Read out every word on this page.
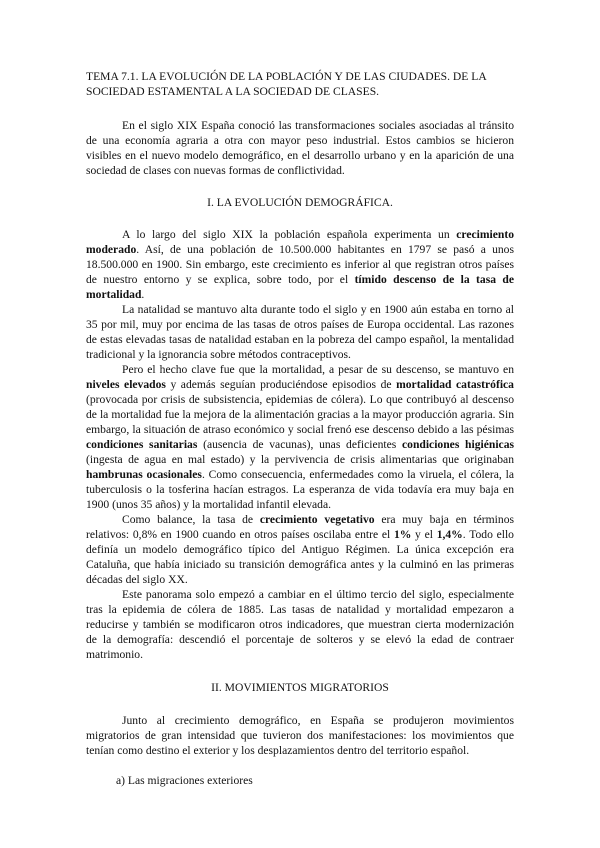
TEMA 7.1. LA EVOLUCIÓN DE LA POBLACIÓN Y DE LAS CIUDADES. DE LA
SOCIEDAD ESTAMENTAL A LA SOCIEDAD DE CLASES.

En el siglo XIX España conoció las transformaciones sociales asociadas al tránsito de una economía agraria a otra con mayor peso industrial. Estos cambios se hicieron visibles en el nuevo modelo demográfico, en el desarrollo urbano y en la aparición de una sociedad de clases con nuevas formas de conflictividad.

I. LA EVOLUCIÓN DEMOGRÁFICA.

A lo largo del siglo XIX la población española experimenta un crecimiento moderado. Así, de una población de 10.500.000 habitantes en 1797 se pasó a unos 18.500.000 en 1900. Sin embargo, este crecimiento es inferior al que registran otros países de nuestro entorno y se explica, sobre todo, por el tímido descenso de la tasa de mortalidad.

La natalidad se mantuvo alta durante todo el siglo y en 1900 aún estaba en torno al 35 por mil, muy por encima de las tasas de otros países de Europa occidental. Las razones de estas elevadas tasas de natalidad estaban en la pobreza del campo español, la mentalidad tradicional y la ignorancia sobre métodos contraceptivos.

Pero el hecho clave fue que la mortalidad, a pesar de su descenso, se mantuvo en niveles elevados y además seguían produciéndose episodios de mortalidad catastrófica (provocada por crisis de subsistencia, epidemias de cólera). Lo que contribuyó al descenso de la mortalidad fue la mejora de la alimentación gracias a la mayor producción agraria. Sin embargo, la situación de atraso económico y social frenó ese descenso debido a las pésimas condiciones sanitarias (ausencia de vacunas), unas deficientes condiciones higiénicas (ingesta de agua en mal estado) y la pervivencia de crisis alimentarias que originaban hambrunas ocasionales. Como consecuencia, enfermedades como la viruela, el cólera, la tuberculosis o la tosferina hacían estragos. La esperanza de vida todavía era muy baja en 1900 (unos 35 años) y la mortalidad infantil elevada.

Como balance, la tasa de crecimiento vegetativo era muy baja en términos relativos: 0,8% en 1900 cuando en otros países oscilaba entre el 1% y el 1,4%. Todo ello definía un modelo demográfico típico del Antiguo Régimen. La única excepción era Cataluña, que había iniciado su transición demográfica antes y la culminó en las primeras décadas del siglo XX.

Este panorama solo empezó a cambiar en el último tercio del siglo, especialmente tras la epidemia de cólera de 1885. Las tasas de natalidad y mortalidad empezaron a reducirse y también se modificaron otros indicadores, que muestran cierta modernización de la demografía: descendió el porcentaje de solteros y se elevó la edad de contraer matrimonio.

II. MOVIMIENTOS MIGRATORIOS

Junto al crecimiento demográfico, en España se produjeron movimientos migratorios de gran intensidad que tuvieron dos manifestaciones: los movimientos que tenían como destino el exterior y los desplazamientos dentro del territorio español.

a) Las migraciones exteriores
